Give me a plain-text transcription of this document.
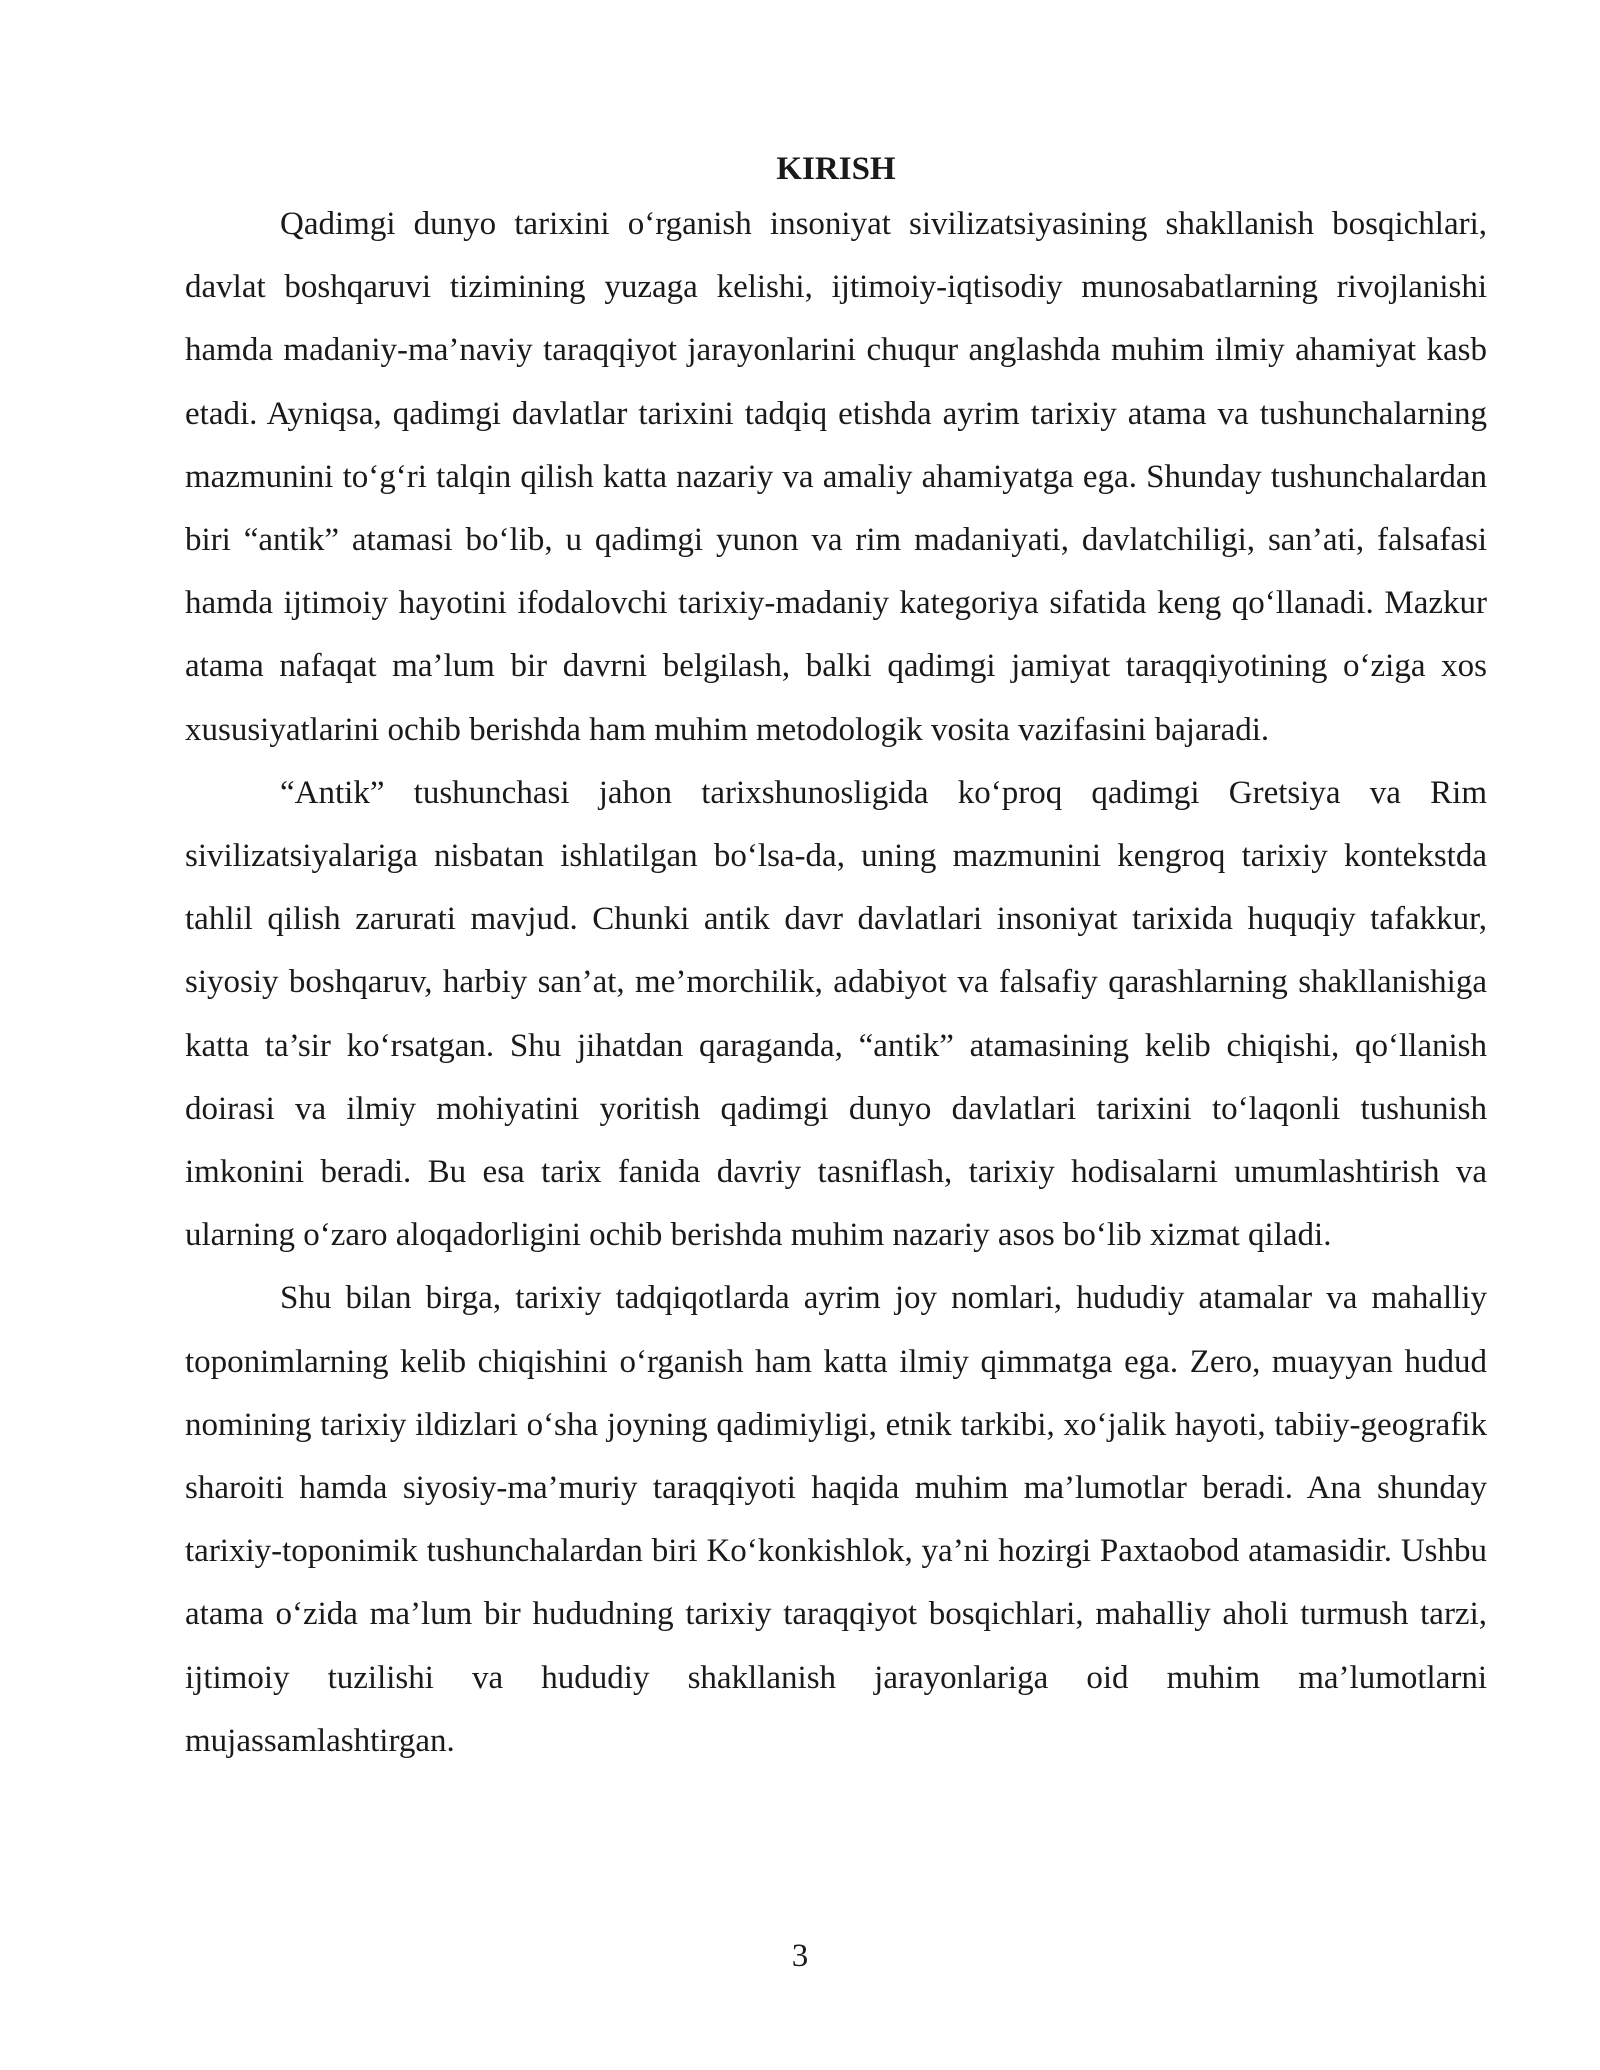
KIRISH

Qadimgi dunyo tarixini o‘rganish insoniyat sivilizatsiyasining shakllanish bosqichlari, davlat boshqaruvi tizimining yuzaga kelishi, ijtimoiy-iqtisodiy munosabatlarning rivojlanishi hamda madaniy-ma’naviy taraqqiyot jarayonlarini chuqur anglashda muhim ilmiy ahamiyat kasb etadi. Ayniqsa, qadimgi davlatlar tarixini tadqiq etishda ayrim tarixiy atama va tushunchalarning mazmunini to‘g‘ri talqin qilish katta nazariy va amaliy ahamiyatga ega. Shunday tushunchalardan biri “antik” atamasi bo‘lib, u qadimgi yunon va rim madaniyati, davlatchiligi, san’ati, falsafasi hamda ijtimoiy hayotini ifodalovchi tarixiy-madaniy kategoriya sifatida keng qo‘llanadi. Mazkur atama nafaqat ma’lum bir davrni belgilash, balki qadimgi jamiyat taraqqiyotining o‘ziga xos xususiyatlarini ochib berishda ham muhim metodologik vosita vazifasini bajaradi.

“Antik” tushunchasi jahon tarixshunosligida ko‘proq qadimgi Gretsiya va Rim sivilizatsiyalariga nisbatan ishlatilgan bo‘lsa-da, uning mazmunini kengroq tarixiy kontekstda tahlil qilish zarurati mavjud. Chunki antik davr davlatlari insoniyat tarixida huquqiy tafakkur, siyosiy boshqaruv, harbiy san’at, me’morchilik, adabiyot va falsafiy qarashlarning shakllanishiga katta ta’sir ko‘rsatgan. Shu jihatdan qaraganda, “antik” atamasining kelib chiqishi, qo‘llanish doirasi va ilmiy mohiyatini yoritish qadimgi dunyo davlatlari tarixini to‘laqonli tushunish imkonini beradi. Bu esa tarix fanida davriy tasniflash, tarixiy hodisalarni umumlashtirish va ularning o‘zaro aloqadorligini ochib berishda muhim nazariy asos bo‘lib xizmat qiladi.

Shu bilan birga, tarixiy tadqiqotlarda ayrim joy nomlari, hududiy atamalar va mahalliy toponimlarning kelib chiqishini o‘rganish ham katta ilmiy qimmatga ega. Zero, muayyan hudud nomining tarixiy ildizlari o‘sha joyning qadimiyligi, etnik tarkibi, xo‘jalik hayoti, tabiiy-geografik sharoiti hamda siyosiy-ma’muriy taraqqiyoti haqida muhim ma’lumotlar beradi. Ana shunday tarixiy-toponimik tushunchalardan biri Ko‘konkishlok, ya’ni hozirgi Paxtaobod atamasidir. Ushbu atama o‘zida ma’lum bir hududning tarixiy taraqqiyot bosqichlari, mahalliy aholi turmush tarzi, ijtimoiy tuzilishi va hududiy shakllanish jarayonlariga oid muhim ma’lumotlarni mujassamlashtirgan.

3
